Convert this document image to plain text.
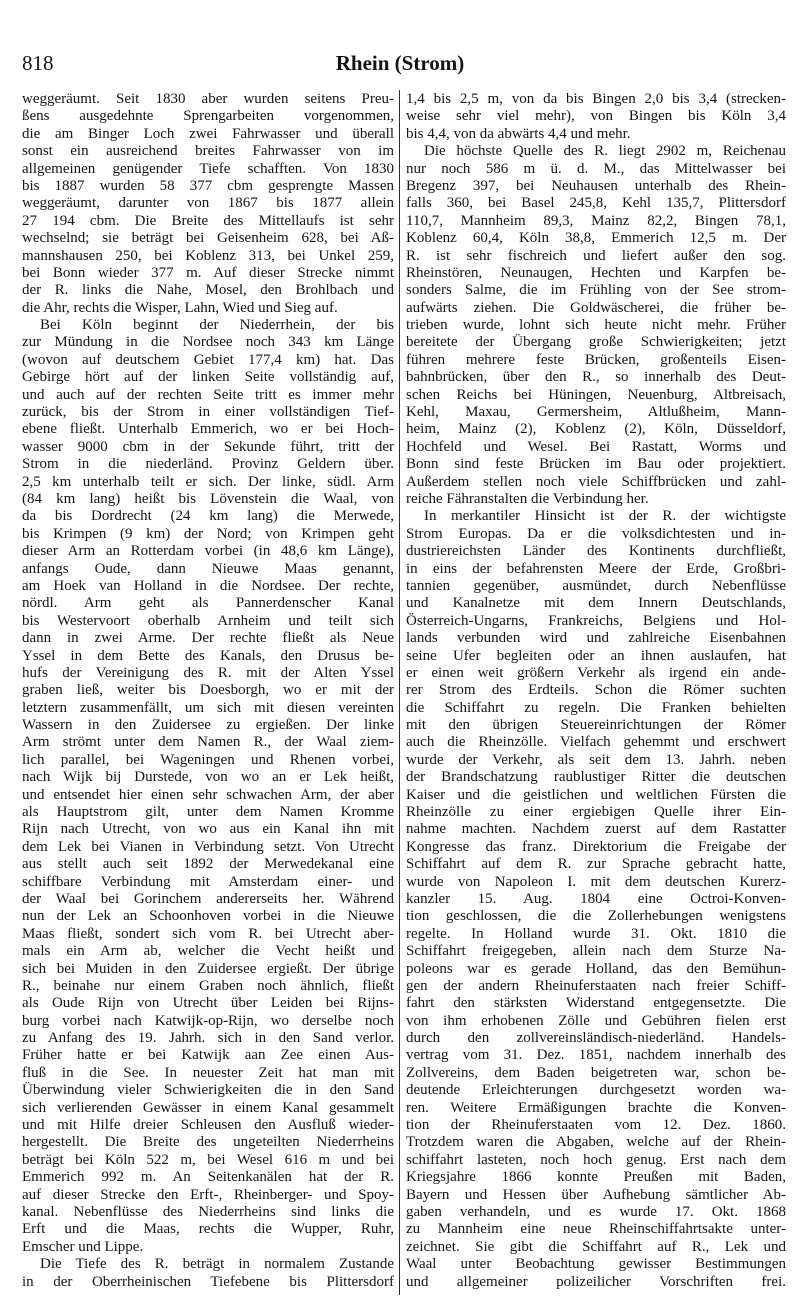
818	Rhein (Strom)
weggeräumt. Seit 1830 aber wurden seitens Preu-
ßens ausgedehnte Sprengarbeiten vorgenommen,
die am Binger Loch zwei Fahrwasser und überall
sonst ein ausreichend breites Fahrwasser von im
allgemeinen genügender Tiefe schafften. Von 1830
bis 1887 wurden 58 377 cbm gesprengte Massen
weggeräumt, darunter von 1867 bis 1877 allein
27 194 cbm. Die Breite des Mittellaufs ist sehr
wechselnd; sie beträgt bei Geisenheim 628, bei Aß-
mannshausen 250, bei Koblenz 313, bei Unkel 259,
bei Bonn wieder 377 m. Auf dieser Strecke nimmt
der R. links die Nahe, Mosel, den Brohlbach und
die Ahr, rechts die Wisper, Lahn, Wied und Sieg auf.
Bei Köln beginnt der Niederrhein, der bis
zur Mündung in die Nordsee noch 343 km Länge
(wovon auf deutschem Gebiet 177,4 km) hat. Das
Gebirge hört auf der linken Seite vollständig auf,
und auch auf der rechten Seite tritt es immer mehr
zurück, bis der Strom in einer vollständigen Tief-
ebene fließt. Unterhalb Emmerich, wo er bei Hoch-
wasser 9000 cbm in der Sekunde führt, tritt der
Strom in die niederländ. Provinz Geldern über.
2,5 km unterhalb teilt er sich. Der linke, südl. Arm
(84 km lang) heißt bis Lövenstein die Waal, von
da bis Dordrecht (24 km lang) die Merwede,
bis Krimpen (9 km) der Nord; von Krimpen geht
dieser Arm an Rotterdam vorbei (in 48,6 km Länge),
anfangs Oude, dann Nieuwe Maas genannt,
am Hoek van Holland in die Nordsee. Der rechte,
nördl. Arm geht als Pannerdenscher Kanal
bis Westervoort oberhalb Arnheim und teilt sich
dann in zwei Arme. Der rechte fließt als Neue
Yssel in dem Bette des Kanals, den Drusus be-
hufs der Vereinigung des R. mit der Alten Yssel
graben ließ, weiter bis Doesborgh, wo er mit der
letztern zusammenfällt, um sich mit diesen vereinten
Wassern in den Zuidersee zu ergießen. Der linke
Arm strömt unter dem Namen R., der Waal ziem-
lich parallel, bei Wageningen und Rhenen vorbei,
nach Wijk bij Durstede, von wo an er Lek heißt,
und entsendet hier einen sehr schwachen Arm, der aber
als Hauptstrom gilt, unter dem Namen Kromme
Rijn nach Utrecht, von wo aus ein Kanal ihn mit
dem Lek bei Vianen in Verbindung setzt. Von Utrecht
aus stellt auch seit 1892 der Merwedekanal eine
schiffbare Verbindung mit Amsterdam einer- und
der Waal bei Gorinchem andererseits her. Während
nun der Lek an Schoonhoven vorbei in die Nieuwe
Maas fließt, sondert sich vom R. bei Utrecht aber-
mals ein Arm ab, welcher die Vecht heißt und
sich bei Muiden in den Zuidersee ergießt. Der übrige
R., beinahe nur einem Graben noch ähnlich, fließt
als Oude Rijn von Utrecht über Leiden bei Rijns-
burg vorbei nach Katwijk-op-Rijn, wo derselbe noch
zu Anfang des 19. Jahrh. sich in den Sand verlor.
Früher hatte er bei Katwijk aan Zee einen Aus-
fluß in die See. In neuester Zeit hat man mit
Überwindung vieler Schwierigkeiten die in den Sand
sich verlierenden Gewässer in einem Kanal gesammelt
und mit Hilfe dreier Schleusen den Ausfluß wieder-
hergestellt. Die Breite des ungeteilten Niederrheins
beträgt bei Köln 522 m, bei Wesel 616 m und bei
Emmerich 992 m. An Seitenkanälen hat der R.
auf dieser Strecke den Erft-, Rheinberger- und Spoy-
kanal. Nebenflüsse des Niederrheins sind links die
Erft und die Maas, rechts die Wupper, Ruhr,
Emscher und Lippe.
Die Tiefe des R. beträgt in normalem Zustande
in der Oberrheinischen Tiefebene bis Plittersdorf
1,4 bis 2,5 m, von da bis Bingen 2,0 bis 3,4 (strecken-
weise sehr viel mehr), von Bingen bis Köln 3,4
bis 4,4, von da abwärts 4,4 und mehr.
Die höchste Quelle des R. liegt 2902 m, Reichenau
nur noch 586 m ü. d. M., das Mittelwasser bei
Bregenz 397, bei Neuhausen unterhalb des Rhein-
falls 360, bei Basel 245,8, Kehl 135,7, Plittersdorf
110,7, Mannheim 89,3, Mainz 82,2, Bingen 78,1,
Koblenz 60,4, Köln 38,8, Emmerich 12,5 m. Der
R. ist sehr fischreich und liefert außer den sog.
Rheinstören, Neunaugen, Hechten und Karpfen be-
sonders Salme, die im Frühling von der See strom-
aufwärts ziehen. Die Goldwäscherei, die früher be-
trieben wurde, lohnt sich heute nicht mehr. Früher
bereitete der Übergang große Schwierigkeiten; jetzt
führen mehrere feste Brücken, großenteils Eisen-
bahnbrücken, über den R., so innerhalb des Deut-
schen Reichs bei Hüningen, Neuenburg, Altbreisach,
Kehl, Maxau, Germersheim, Altlußheim, Mann-
heim, Mainz (2), Koblenz (2), Köln, Düsseldorf,
Hochfeld und Wesel. Bei Rastatt, Worms und
Bonn sind feste Brücken im Bau oder projektiert.
Außerdem stellen noch viele Schiffbrücken und zahl-
reiche Fähranstalten die Verbindung her.
In merkantiler Hinsicht ist der R. der wichtigste
Strom Europas. Da er die volksdichtesten und in-
dustriereichsten Länder des Kontinents durchfließt,
in eins der befahrensten Meere der Erde, Großbri-
tannien gegenüber, ausmündet, durch Nebenflüsse
und Kanalnetze mit dem Innern Deutschlands,
Österreich-Ungarns, Frankreichs, Belgiens und Hol-
lands verbunden wird und zahlreiche Eisenbahnen
seine Ufer begleiten oder an ihnen auslaufen, hat
er einen weit größern Verkehr als irgend ein ande-
rer Strom des Erdteils. Schon die Römer suchten
die Schiffahrt zu regeln. Die Franken behielten
mit den übrigen Steuereinrichtungen der Römer
auch die Rheinzölle. Vielfach gehemmt und erschwert
wurde der Verkehr, als seit dem 13. Jahrh. neben
der Brandschatzung raublustiger Ritter die deutschen
Kaiser und die geistlichen und weltlichen Fürsten die
Rheinzölle zu einer ergiebigen Quelle ihrer Ein-
nahme machten. Nachdem zuerst auf dem Rastatter
Kongresse das franz. Direktorium die Freigabe der
Schiffahrt auf dem R. zur Sprache gebracht hatte,
wurde von Napoleon I. mit dem deutschen Kurerz-
kanzler 15. Aug. 1804 eine Octroi-Konven-
tion geschlossen, die die Zollerhebungen wenigstens
regelte. In Holland wurde 31. Okt. 1810 die
Schiffahrt freigegeben, allein nach dem Sturze Na-
poleons war es gerade Holland, das den Bemühun-
gen der andern Rheinuferstaaten nach freier Schiff-
fahrt den stärksten Widerstand entgegensetzte. Die
von ihm erhobenen Zölle und Gebühren fielen erst
durch den zollvereinsländisch-niederländ. Handels-
vertrag vom 31. Dez. 1851, nachdem innerhalb des
Zollvereins, dem Baden beigetreten war, schon be-
deutende Erleichterungen durchgesetzt worden wa-
ren. Weitere Ermäßigungen brachte die Konven-
tion der Rheinuferstaaten vom 12. Dez. 1860.
Trotzdem waren die Abgaben, welche auf der Rhein-
schiffahrt lasteten, noch hoch genug. Erst nach dem
Kriegsjahre 1866 konnte Preußen mit Baden,
Bayern und Hessen über Aufhebung sämtlicher Ab-
gaben verhandeln, und es wurde 17. Okt. 1868
zu Mannheim eine neue Rheinschiffahrtsakte unter-
zeichnet. Sie gibt die Schiffahrt auf R., Lek und
Waal unter Beobachtung gewisser Bestimmungen
und allgemeiner polizeilicher Vorschriften frei.
